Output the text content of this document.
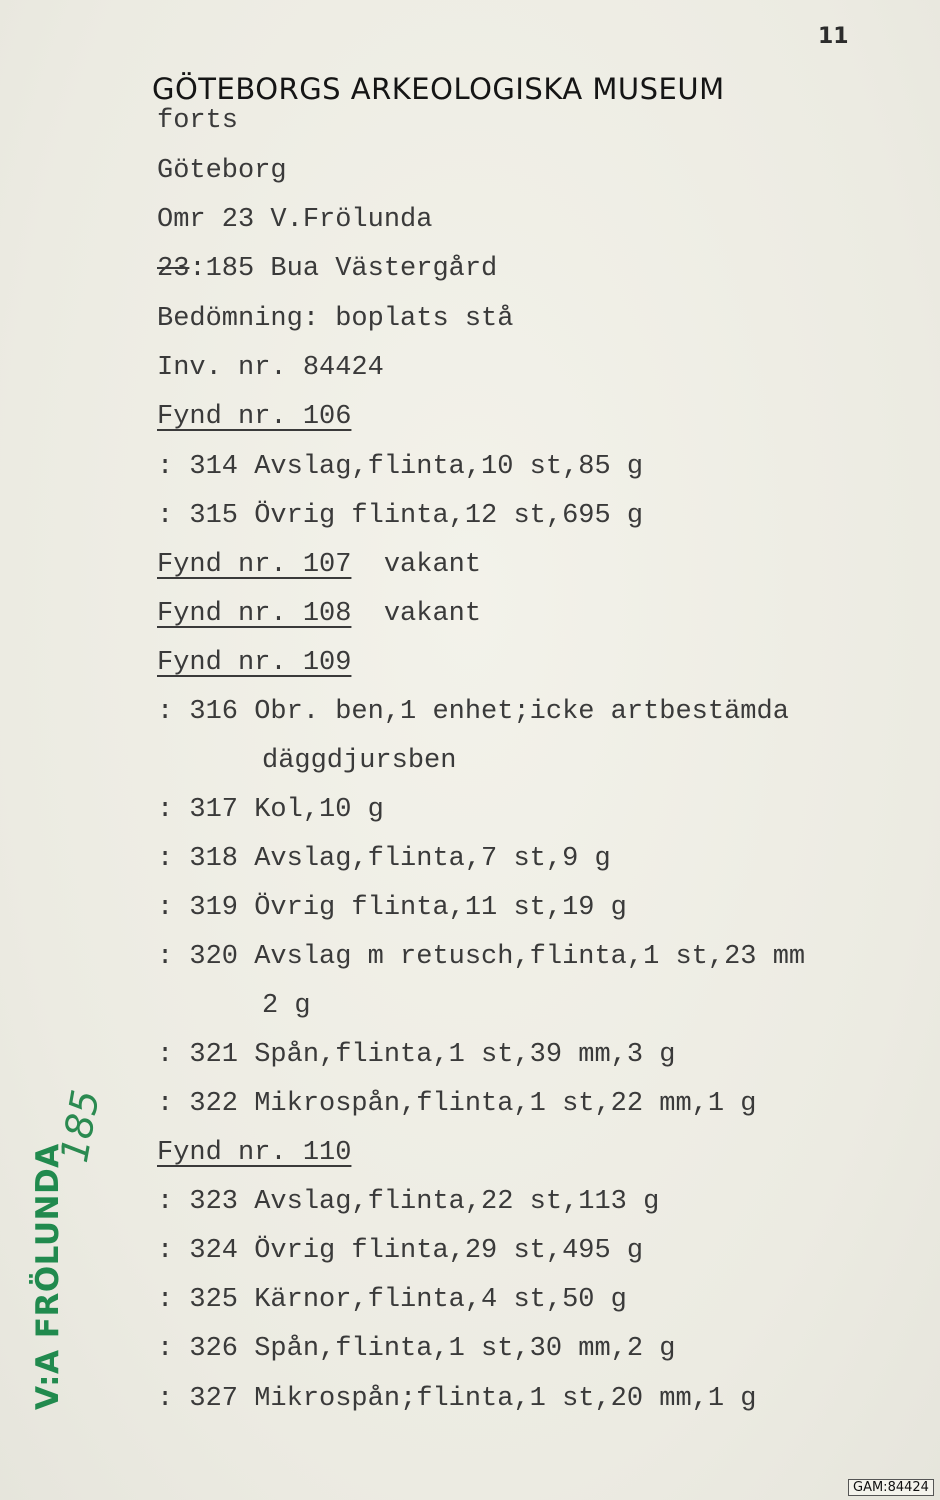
11
GÖTEBORGS ARKEOLOGISKA MUSEUM
forts
Göteborg
Omr 23 V.Frölunda
23:185 Bua Västergård
Bedömning: boplats stå
Inv. nr. 84424
Fynd nr. 106
: 314 Avslag,flinta,10 st,85 g
: 315 Övrig flinta,12 st,695 g
Fynd nr. 107 vakant
Fynd nr. 108 vakant
Fynd nr. 109
: 316 Obr. ben,1 enhet;icke artbestämda
däggdjursben
: 317 Kol,10 g
: 318 Avslag,flinta,7 st,9 g
: 319 Övrig flinta,11 st,19 g
: 320 Avslag m retusch,flinta,1 st,23 mm
2 g
: 321 Spån,flinta,1 st,39 mm,3 g
: 322 Mikrospån,flinta,1 st,22 mm,1 g
Fynd nr. 110
: 323 Avslag,flinta,22 st,113 g
: 324 Övrig flinta,29 st,495 g
: 325 Kärnor,flinta,4 st,50 g
: 326 Spån,flinta,1 st,30 mm,2 g
: 327 Mikrospån;flinta,1 st,20 mm,1 g
V:A FRÖLUNDA
185
GAM:84424
